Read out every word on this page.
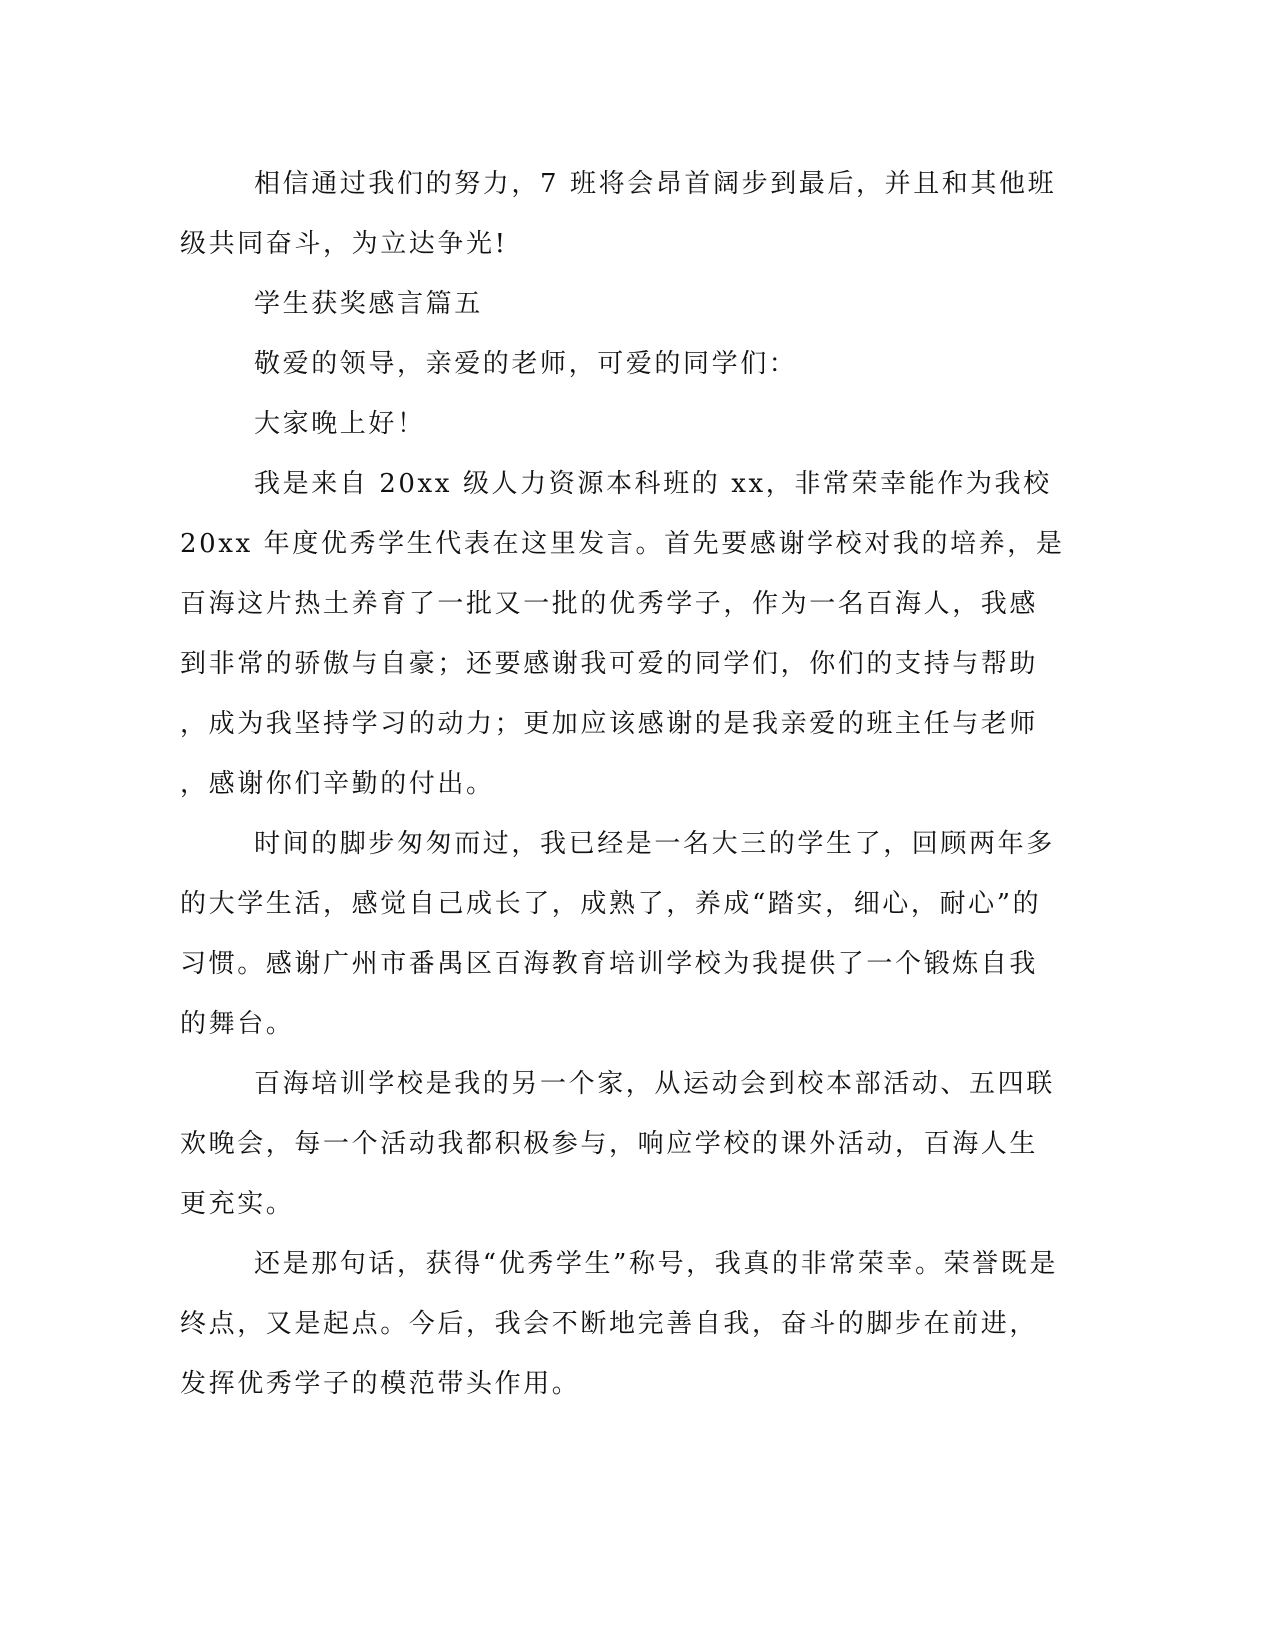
相信通过我们的努力，7 班将会昂首阔步到最后，并且和其他班
级共同奋斗，为立达争光!
学生获奖感言篇五
敬爱的领导，亲爱的老师，可爱的同学们：
大家晚上好！
我是来自 20xx 级人力资源本科班的 xx，非常荣幸能作为我校
20xx 年度优秀学生代表在这里发言。首先要感谢学校对我的培养，是
百海这片热土养育了一批又一批的优秀学子，作为一名百海人，我感
到非常的骄傲与自豪；还要感谢我可爱的同学们，你们的支持与帮助
，成为我坚持学习的动力；更加应该感谢的是我亲爱的班主任与老师
，感谢你们辛勤的付出。
时间的脚步匆匆而过，我已经是一名大三的学生了，回顾两年多
的大学生活，感觉自己成长了，成熟了，养成“踏实，细心，耐心”的
习惯。感谢广州市番禺区百海教育培训学校为我提供了一个锻炼自我
的舞台。
百海培训学校是我的另一个家，从运动会到校本部活动、五四联
欢晚会，每一个活动我都积极参与，响应学校的课外活动，百海人生
更充实。
还是那句话，获得“优秀学生”称号，我真的非常荣幸。荣誉既是
终点，又是起点。今后，我会不断地完善自我，奋斗的脚步在前进，
发挥优秀学子的模范带头作用。
